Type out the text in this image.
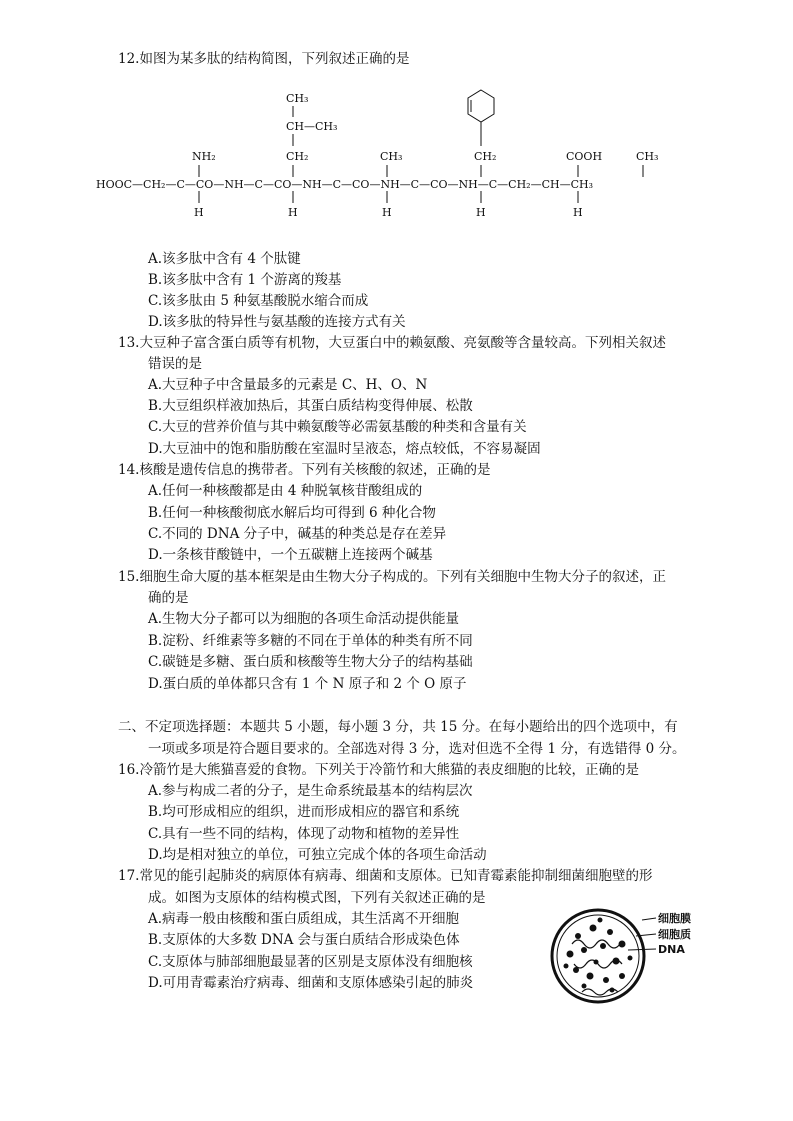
12.如图为某多肽的结构简图，下列叙述正确的是
HOOC—CH₂—C—CO—NH—C—CO—NH—C—CO—NH—C—CO—NH—C—CH₂—CH—CH₃
NH₂
H
CH₃
CH—CH₃
CH₂
H
CH₃
H
CH₂
H
COOH
H
CH₃
A.该多肽中含有 4 个肽键
B.该多肽中含有 1 个游离的羧基
C.该多肽由 5 种氨基酸脱水缩合而成
D.该多肽的特异性与氨基酸的连接方式有关
13.大豆种子富含蛋白质等有机物，大豆蛋白中的赖氨酸、亮氨酸等含量较高。下列相关叙述
错误的是
A.大豆种子中含量最多的元素是 C、H、O、N
B.大豆组织样液加热后，其蛋白质结构变得伸展、松散
C.大豆的营养价值与其中赖氨酸等必需氨基酸的种类和含量有关
D.大豆油中的饱和脂肪酸在室温时呈液态，熔点较低，不容易凝固
14.核酸是遗传信息的携带者。下列有关核酸的叙述，正确的是
A.任何一种核酸都是由 4 种脱氧核苷酸组成的
B.任何一种核酸彻底水解后均可得到 6 种化合物
C.不同的 DNA 分子中，碱基的种类总是存在差异
D.一条核苷酸链中，一个五碳糖上连接两个碱基
15.细胞生命大厦的基本框架是由生物大分子构成的。下列有关细胞中生物大分子的叙述，正
确的是
A.生物大分子都可以为细胞的各项生命活动提供能量
B.淀粉、纤维素等多糖的不同在于单体的种类有所不同
C.碳链是多糖、蛋白质和核酸等生物大分子的结构基础
D.蛋白质的单体都只含有 1 个 N 原子和 2 个 O 原子
二、不定项选择题：本题共 5 小题，每小题 3 分，共 15 分。在每小题给出的四个选项中，有
一项或多项是符合题目要求的。全部选对得 3 分，选对但选不全得 1 分，有选错得 0 分。
16.冷箭竹是大熊猫喜爱的食物。下列关于冷箭竹和大熊猫的表皮细胞的比较，正确的是
A.参与构成二者的分子，是生命系统最基本的结构层次
B.均可形成相应的组织，进而形成相应的器官和系统
C.具有一些不同的结构，体现了动物和植物的差异性
D.均是相对独立的单位，可独立完成个体的各项生命活动
17.常见的能引起肺炎的病原体有病毒、细菌和支原体。已知青霉素能抑制细菌细胞壁的形
成。如图为支原体的结构模式图，下列有关叙述正确的是
A.病毒一般由核酸和蛋白质组成，其生活离不开细胞
B.支原体的大多数 DNA 会与蛋白质结合形成染色体
C.支原体与肺部细胞最显著的区别是支原体没有细胞核
D.可用青霉素治疗病毒、细菌和支原体感染引起的肺炎
细胞膜
细胞质
DNA
